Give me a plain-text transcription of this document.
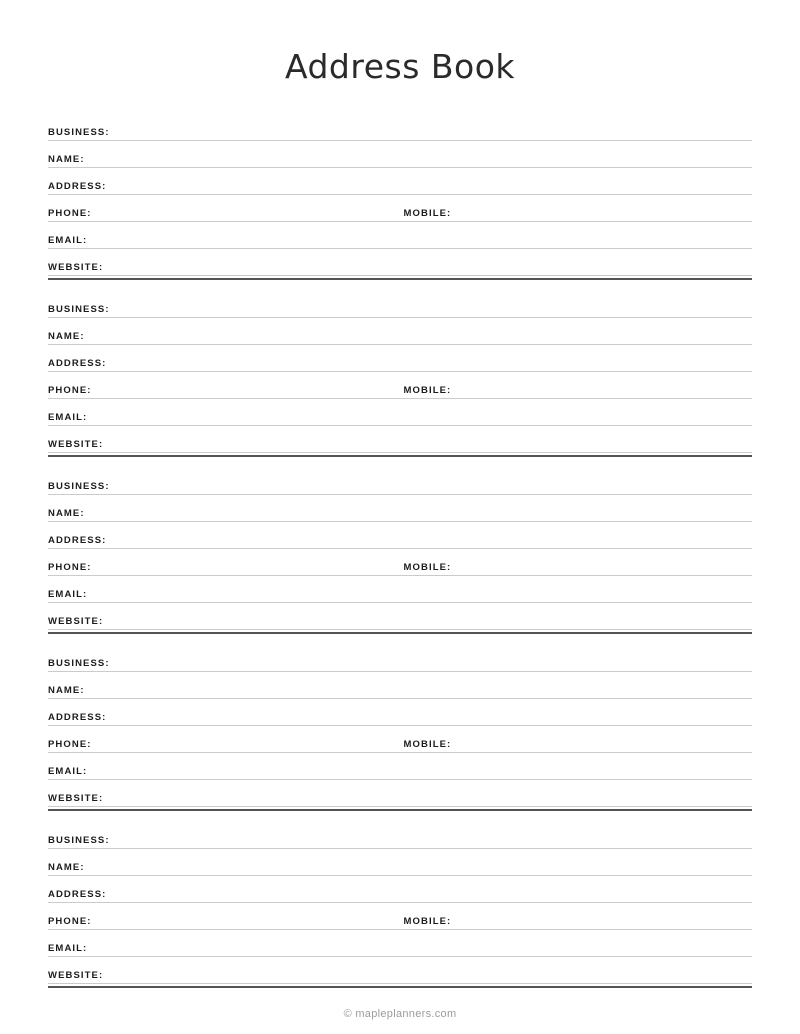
Address Book
BUSINESS:
NAME:
ADDRESS:
PHONE:	MOBILE:
EMAIL:
WEBSITE:
BUSINESS:
NAME:
ADDRESS:
PHONE:	MOBILE:
EMAIL:
WEBSITE:
BUSINESS:
NAME:
ADDRESS:
PHONE:	MOBILE:
EMAIL:
WEBSITE:
BUSINESS:
NAME:
ADDRESS:
PHONE:	MOBILE:
EMAIL:
WEBSITE:
BUSINESS:
NAME:
ADDRESS:
PHONE:	MOBILE:
EMAIL:
WEBSITE:
© mapleplanners.com
